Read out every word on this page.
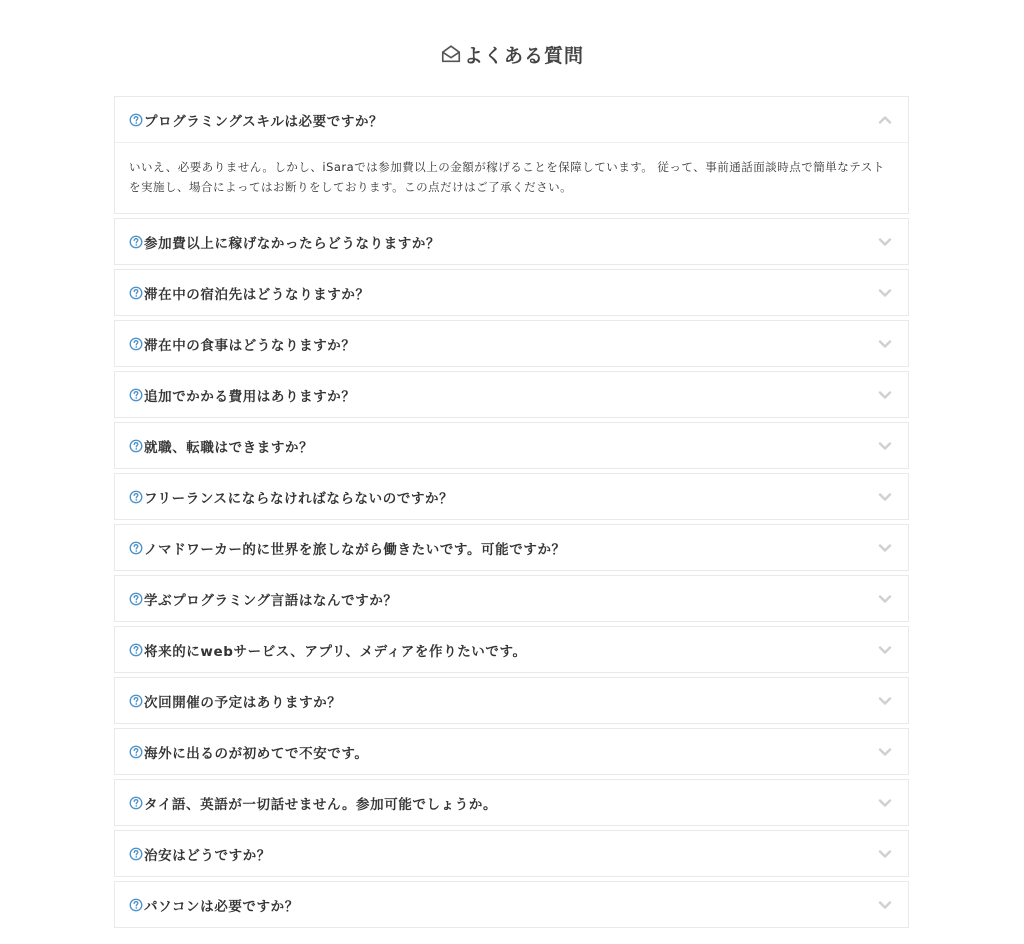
よくある質問
プログラミングスキルは必要ですか？
いいえ、必要ありません。しかし、iSaraでは参加費以上の金額が稼げることを保障しています。 従って、事前通話面談時点で簡単なテストを実施し、場合によってはお断りをしております。この点だけはご了承ください。
参加費以上に稼げなかったらどうなりますか？
滞在中の宿泊先はどうなりますか？
滞在中の食事はどうなりますか？
追加でかかる費用はありますか？
就職、転職はできますか？
フリーランスにならなければならないのですか？
ノマドワーカー的に世界を旅しながら働きたいです。可能ですか？
学ぶプログラミング言語はなんですか？
将来的にwebサービス、アプリ、メディアを作りたいです。
次回開催の予定はありますか？
海外に出るのが初めてで不安です。
タイ語、英語が一切話せません。参加可能でしょうか。
治安はどうですか？
パソコンは必要ですか？
